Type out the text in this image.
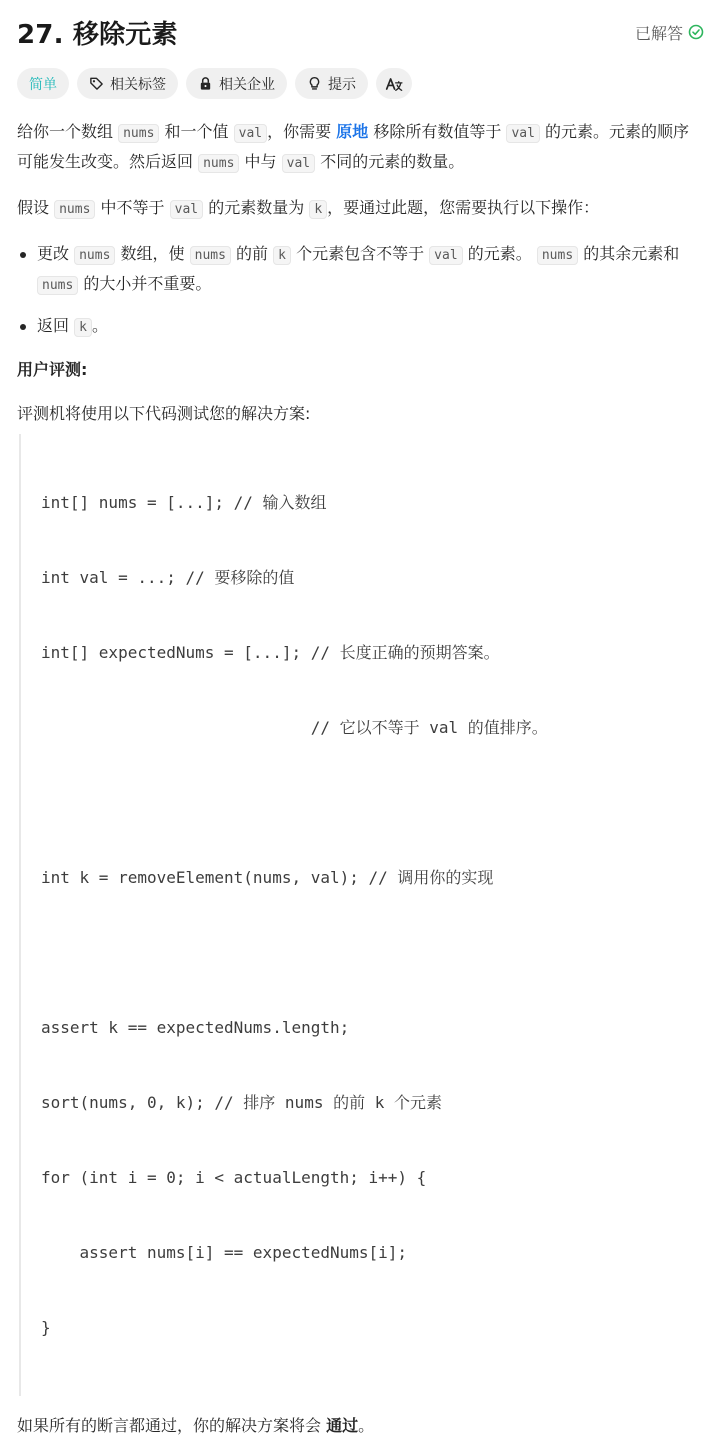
27. 移除元素	已解答
简单	相关标签	相关企业	提示
给你一个数组 nums 和一个值 val ，你需要 原地 移除所有数值等于 val 的元素。元素的顺序可能发生改变。然后返回 nums 中与 val 不同的元素的数量。
假设 nums 中不等于 val 的元素数量为 k ，要通过此题，您需要执行以下操作：
更改 nums 数组，使 nums 的前 k 个元素包含不等于 val 的元素。 nums 的其余元素和 nums 的大小并不重要。
返回 k 。
用户评测:
评测机将使用以下代码测试您的解决方案:

int[] nums = [...]; // 输入数组

int val = ...; // 要移除的值

int[] expectedNums = [...]; // 长度正确的预期答案。

// 它以不等于 val 的值排序。

int k = removeElement(nums, val); // 调用你的实现

assert k == expectedNums.length;

sort(nums, 0, k); // 排序 nums 的前 k 个元素

for (int i = 0; i < actualLength; i++) {

assert nums[i] == expectedNums[i];

}

如果所有的断言都通过，你的解决方案将会 通过。
